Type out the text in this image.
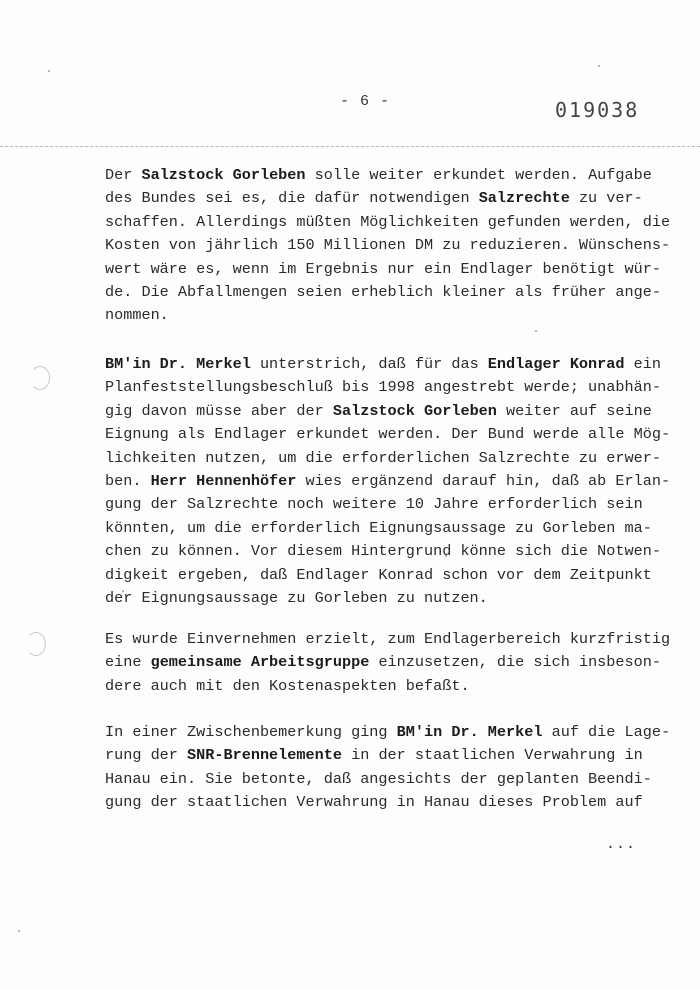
- 6 -	019038
Der Salzstock Gorleben solle weiter erkundet werden. Aufgabe
des Bundes sei es, die dafür notwendigen Salzrechte zu ver-
schaffen. Allerdings müßten Möglichkeiten gefunden werden, die
Kosten von jährlich 150 Millionen DM zu reduzieren. Wünschens-
wert wäre es, wenn im Ergebnis nur ein Endlager benötigt wür-
de. Die Abfallmengen seien erheblich kleiner als früher ange-
nommen.
BM'in Dr. Merkel unterstrich, daß für das Endlager Konrad ein
Planfeststellungsbeschluß bis 1998 angestrebt werde; unabhän-
gig davon müsse aber der Salzstock Gorleben weiter auf seine
Eignung als Endlager erkundet werden. Der Bund werde alle Mög-
lichkeiten nutzen, um die erforderlichen Salzrechte zu erwer-
ben. Herr Hennenhöfer wies ergänzend darauf hin, daß ab Erlan-
gung der Salzrechte noch weitere 10 Jahre erforderlich sein
könnten, um die erforderlich Eignungsaussage zu Gorleben ma-
chen zu können. Vor diesem Hintergrund könne sich die Notwen-
digkeit ergeben, daß Endlager Konrad schon vor dem Zeitpunkt
der Eignungsaussage zu Gorleben zu nutzen.
Es wurde Einvernehmen erzielt, zum Endlagerbereich kurzfristig
eine gemeinsame Arbeitsgruppe einzusetzen, die sich insbeson-
dere auch mit den Kostenaspekten befaßt.
In einer Zwischenbemerkung ging BM'in Dr. Merkel auf die Lage-
rung der SNR-Brennelemente in der staatlichen Verwahrung in
Hanau ein. Sie betonte, daß angesichts der geplanten Beendi-
gung der staatlichen Verwahrung in Hanau dieses Problem auf
...
